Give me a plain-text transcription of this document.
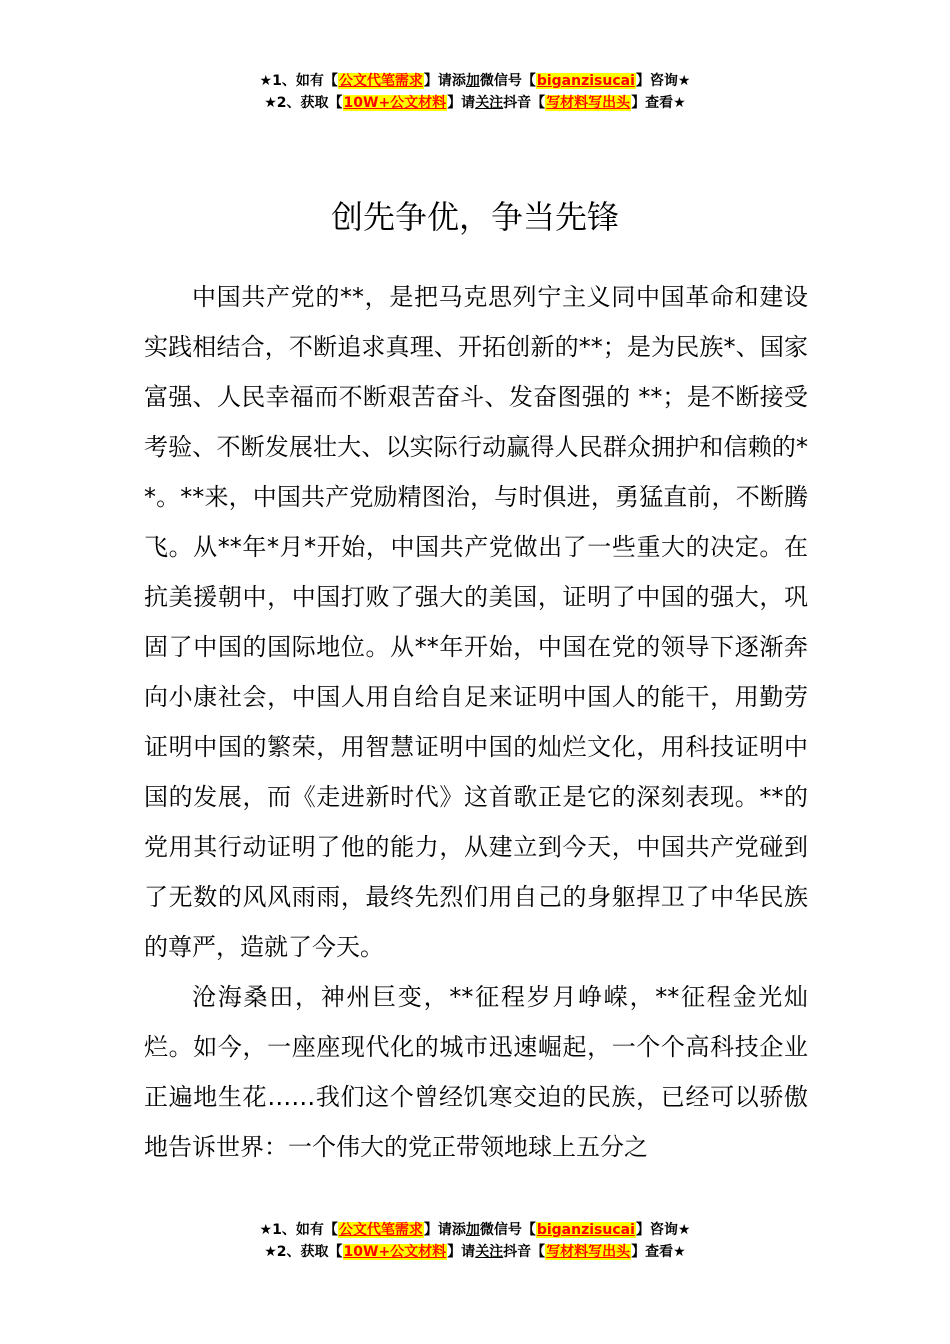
★1、如有【公文代笔需求】请添加微信号【biganzisucai】咨询★
★2、获取【10W+公文材料】请关注抖音【写材料写出头】查看★
创先争优，争当先锋

中国共产党的**，是把马克思列宁主义同中国革命和建设实践相结合，不断追求真理、开拓创新的**；是为民族*、国家富强、人民幸福而不断艰苦奋斗、发奋图强的 **；是不断接受考验、不断发展壮大、以实际行动赢得人民群众拥护和信赖的**。**来，中国共产党励精图治，与时俱进，勇猛直前，不断腾飞。从**年*月*开始，中国共产党做出了一些重大的决定。在抗美援朝中，中国打败了强大的美国，证明了中国的强大，巩固了中国的国际地位。从**年开始，中国在党的领导下逐渐奔向小康社会，中国人用自给自足来证明中国人的能干，用勤劳证明中国的繁荣，用智慧证明中国的灿烂文化，用科技证明中国的发展，而《走进新时代》这首歌正是它的深刻表现。**的党用其行动证明了他的能力，从建立到今天，中国共产党碰到了无数的风风雨雨，最终先烈们用自己的身躯捍卫了中华民族的尊严，造就了今天。

沧海桑田，神州巨变，**征程岁月峥嵘，**征程金光灿烂。如今，一座座现代化的城市迅速崛起，一个个高科技企业正遍地生花……我们这个曾经饥寒交迫的民族，已经可以骄傲地告诉世界：一个伟大的党正带领地球上五分之

★1、如有【公文代笔需求】请添加微信号【biganzisucai】咨询★
★2、获取【10W+公文材料】请关注抖音【写材料写出头】查看★
